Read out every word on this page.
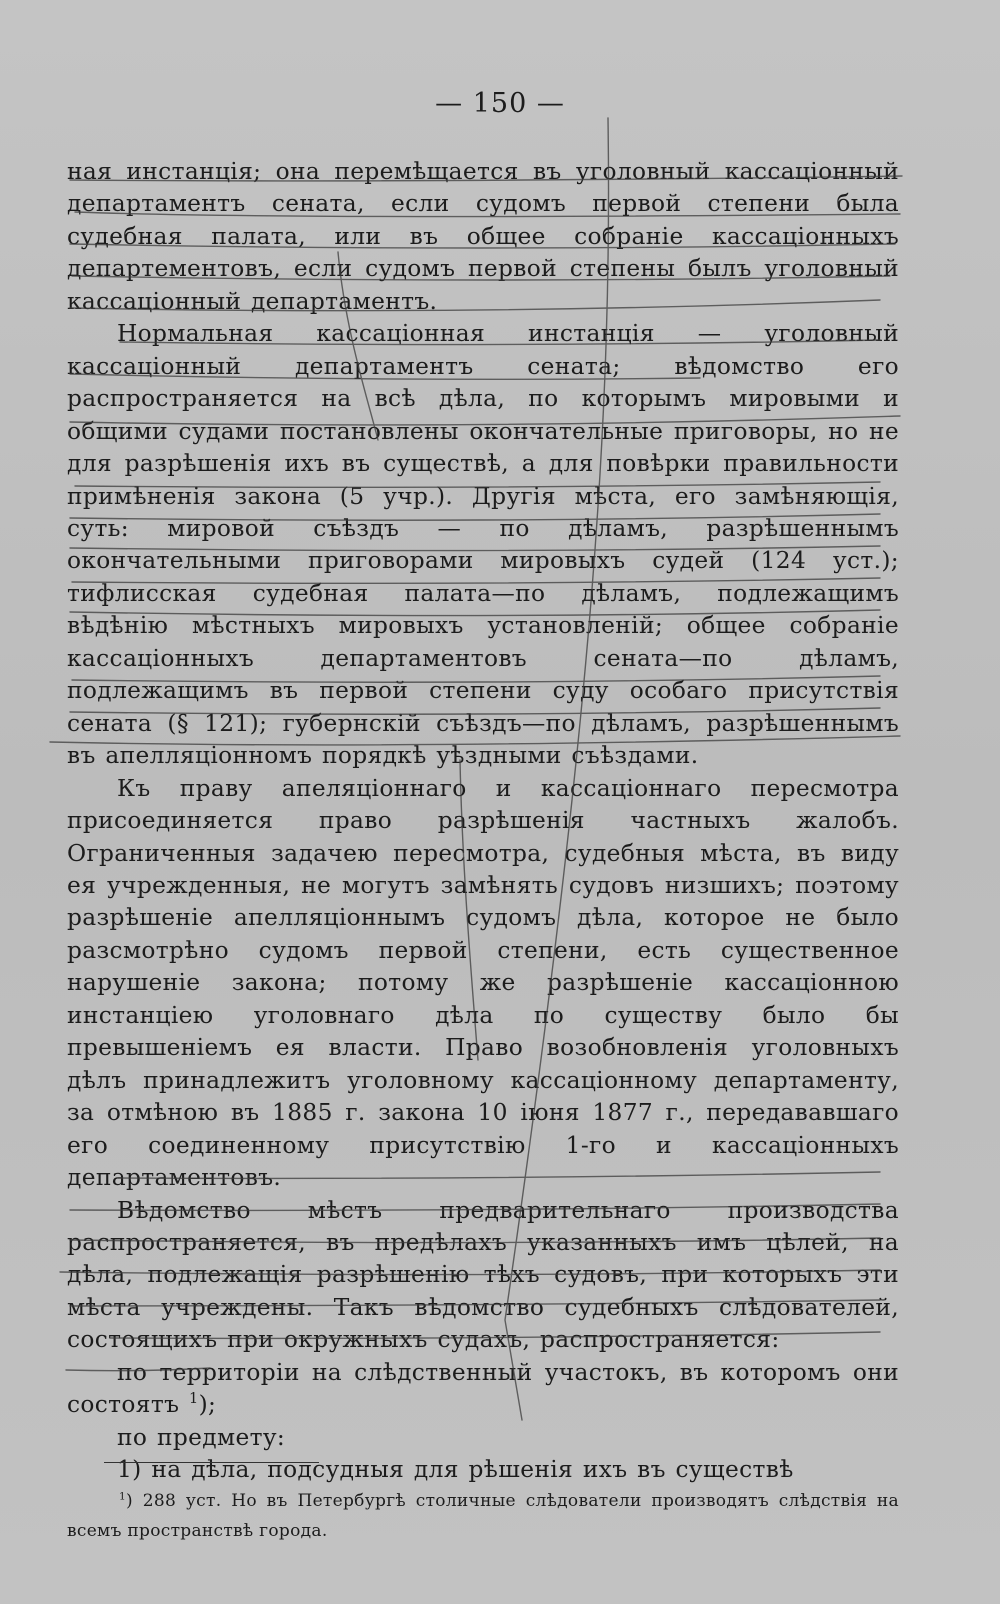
— 150 —

ная инстанція; она перемѣщается въ уголовный кассаціонный департаментъ сената, если судомъ первой степени была судебная палата, или въ общее собраніе кассаціонныхъ департементовъ, если судомъ первой степены былъ уголовный кассаціонный департаментъ.

Нормальная кассаціонная инстанція — уголовный кассаціонный департаментъ сената; вѣдомство его распространяется на всѣ дѣла, по которымъ мировыми и общими судами постановлены окончательные приговоры, но не для разрѣшенія ихъ въ существѣ, а для повѣрки правильности примѣненія закона (5 учр.). Другія мѣста, его замѣняющія, суть: мировой съѣздъ — по дѣламъ, разрѣшеннымъ окончательными приговорами мировыхъ судей (124 уст.); тифлисская судебная палата—по дѣламъ, подлежащимъ вѣдѣнію мѣстныхъ мировыхъ установленій; общее собраніе кассаціонныхъ департаментовъ сената—по дѣламъ, подлежащимъ въ первой степени суду особаго присутствія сената (§ 121); губернскій съѣздъ—по дѣламъ, разрѣшеннымъ въ апелляціонномъ порядкѣ уѣздными съѣздами.

Къ праву апеляціоннаго и кассаціоннаго пересмотра присоединяется право разрѣшенія частныхъ жалобъ. Ограниченныя задачею пересмотра, судебныя мѣста, въ виду ея учрежденныя, не могутъ замѣнять судовъ низшихъ; поэтому разрѣшеніе апелляціоннымъ судомъ дѣла, которое не было разсмотрѣно судомъ первой степени, есть существенное нарушеніе закона; потому же разрѣшеніе кассаціонною инстанціею уголовнаго дѣла по существу было бы превышеніемъ ея власти. Право возобновленія уголовныхъ дѣлъ принадлежитъ уголовному кассаціонному департаменту, за отмѣною въ 1885 г. закона 10 іюня 1877 г., передававшаго его соединенному присутствію 1-го и кассаціонныхъ департаментовъ.

Вѣдомство мѣстъ предварительнаго производства распространяется, въ предѣлахъ указанныхъ имъ цѣлей, на дѣла, подлежащія разрѣшенію тѣхъ судовъ, при которыхъ эти мѣста учреждены. Такъ вѣдомство судебныхъ слѣдователей, состоящихъ при окружныхъ судахъ, распространяется:

по территоріи на слѣдственный участокъ, въ которомъ они состоятъ $^1$);

по предмету:

1) на дѣла, подсудныя для рѣшенія ихъ въ существѣ

$^1$) 288 уст. Но въ Петербургѣ столичные слѣдователи производятъ слѣдствія на всемъ пространствѣ города.
